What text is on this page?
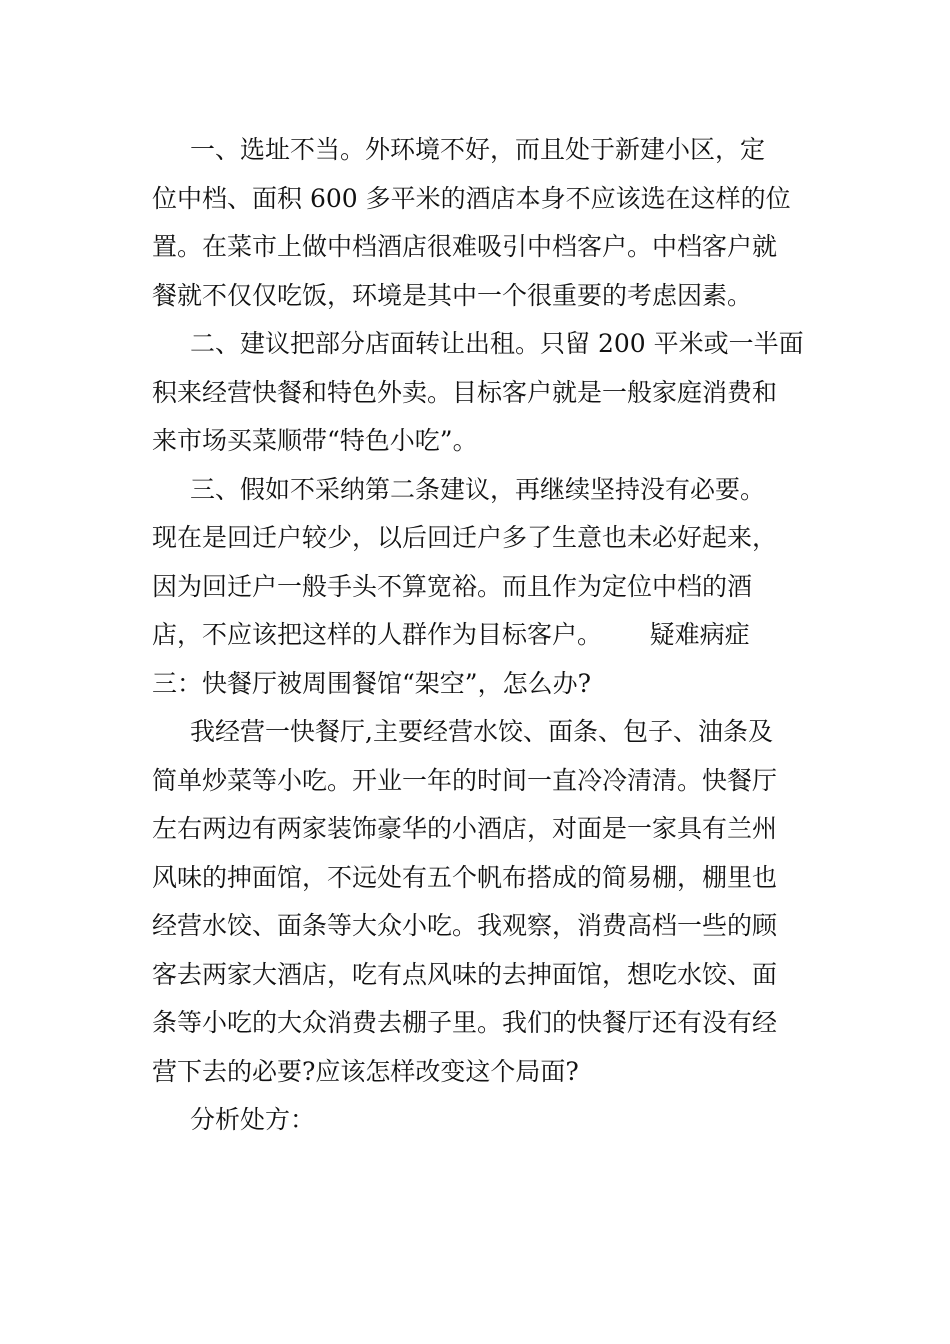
一、选址不当。外环境不好，而且处于新建小区，定
位中档、面积 600 多平米的酒店本身不应该选在这样的位
置。在菜市上做中档酒店很难吸引中档客户。中档客户就
餐就不仅仅吃饭，环境是其中一个很重要的考虑因素。
二、建议把部分店面转让出租。只留 200 平米或一半面
积来经营快餐和特色外卖。目标客户就是一般家庭消费和
来市场买菜顺带“特色小吃”。
三、假如不采纳第二条建议，再继续坚持没有必要。
现在是回迁户较少，以后回迁户多了生意也未必好起来，
因为回迁户一般手头不算宽裕。而且作为定位中档的酒
店，不应该把这样的人群作为目标客户。      疑难病症
三：快餐厅被周围餐馆“架空”，怎么办?
我经营一快餐厅,主要经营水饺、面条、包子、油条及
简单炒菜等小吃。开业一年的时间一直冷冷清清。快餐厅
左右两边有两家装饰豪华的小酒店，对面是一家具有兰州
风味的抻面馆，不远处有五个帆布搭成的简易棚，棚里也
经营水饺、面条等大众小吃。我观察，消费高档一些的顾
客去两家大酒店，吃有点风味的去抻面馆，想吃水饺、面
条等小吃的大众消费去棚子里。我们的快餐厅还有没有经
营下去的必要?应该怎样改变这个局面?
分析处方：
